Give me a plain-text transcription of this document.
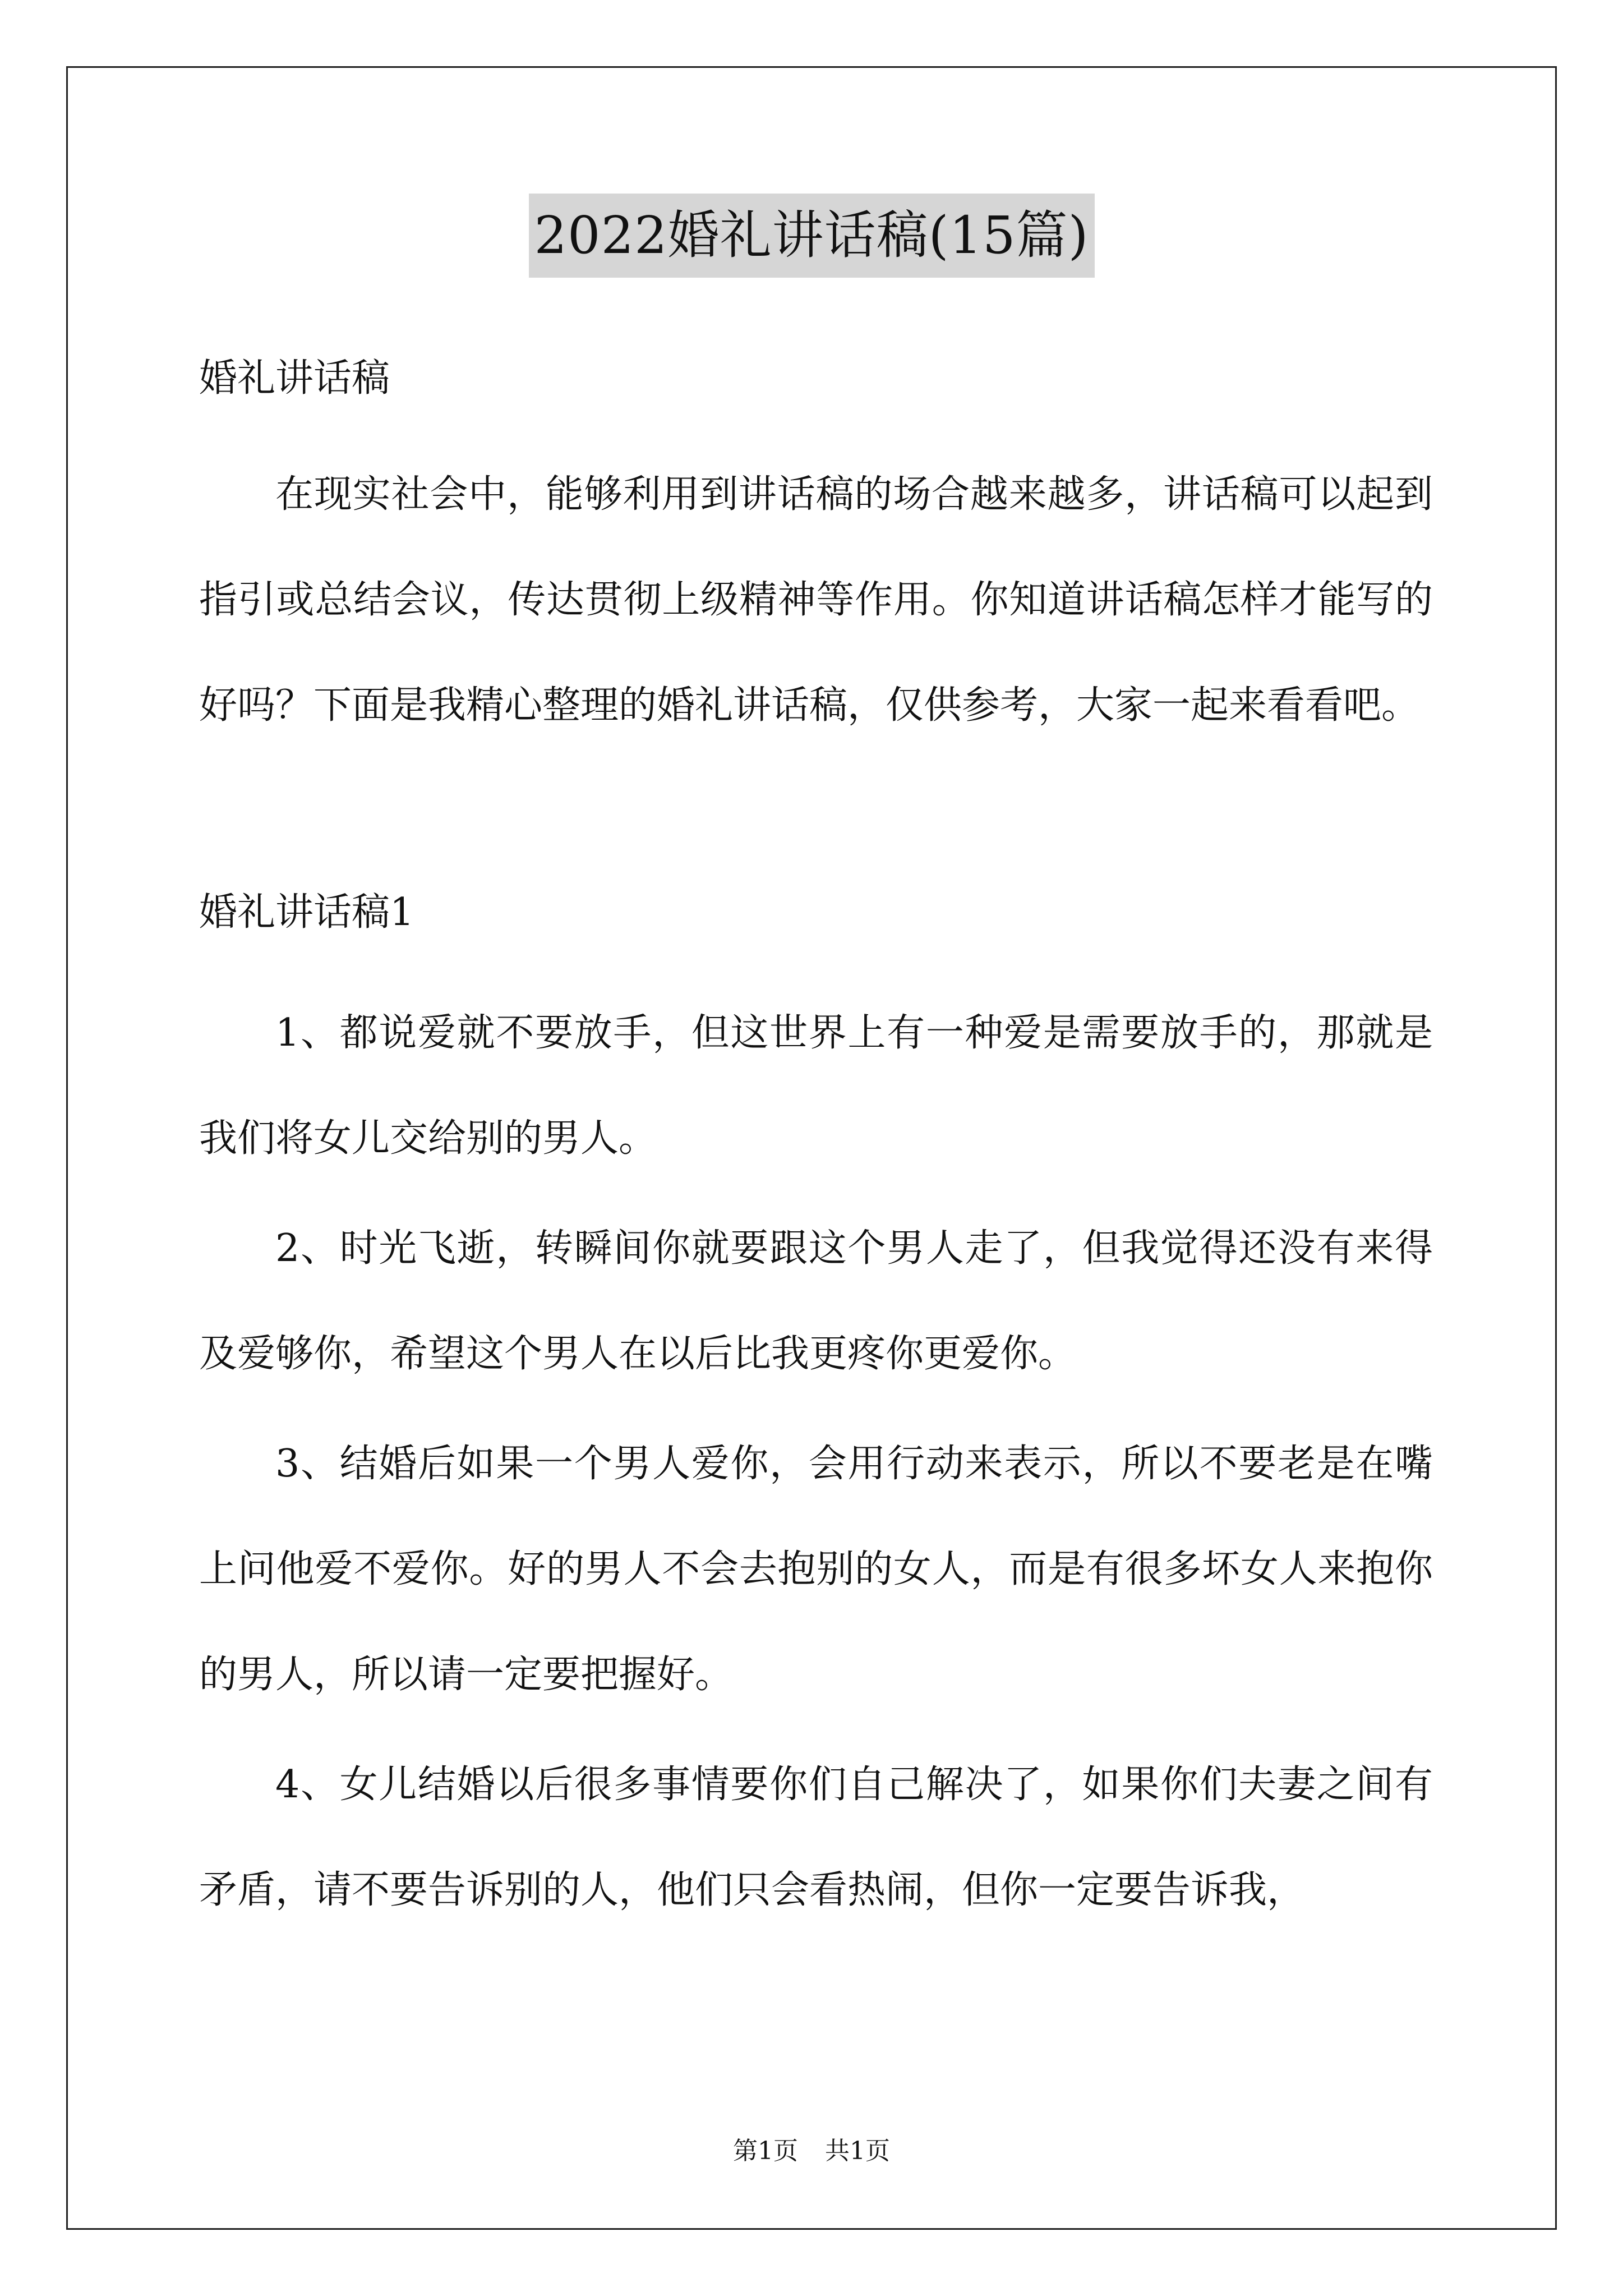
2022婚礼讲话稿(15篇)

婚礼讲话稿

在现实社会中，能够利用到讲话稿的场合越来越多，讲话稿可以起到指引或总结会议，传达贯彻上级精神等作用。你知道讲话稿怎样才能写的好吗？下面是我精心整理的婚礼讲话稿，仅供参考，大家一起来看看吧。

婚礼讲话稿1

1、都说爱就不要放手，但这世界上有一种爱是需要放手的，那就是我们将女儿交给别的男人。

2、时光飞逝，转瞬间你就要跟这个男人走了，但我觉得还没有来得及爱够你，希望这个男人在以后比我更疼你更爱你。

3、结婚后如果一个男人爱你，会用行动来表示，所以不要老是在嘴上问他爱不爱你。好的男人不会去抱别的女人，而是有很多坏女人来抱你的男人，所以请一定要把握好。

4、女儿结婚以后很多事情要你们自己解决了，如果你们夫妻之间有矛盾，请不要告诉别的人，他们只会看热闹，但你一定要告诉我，

第1页 共1页
